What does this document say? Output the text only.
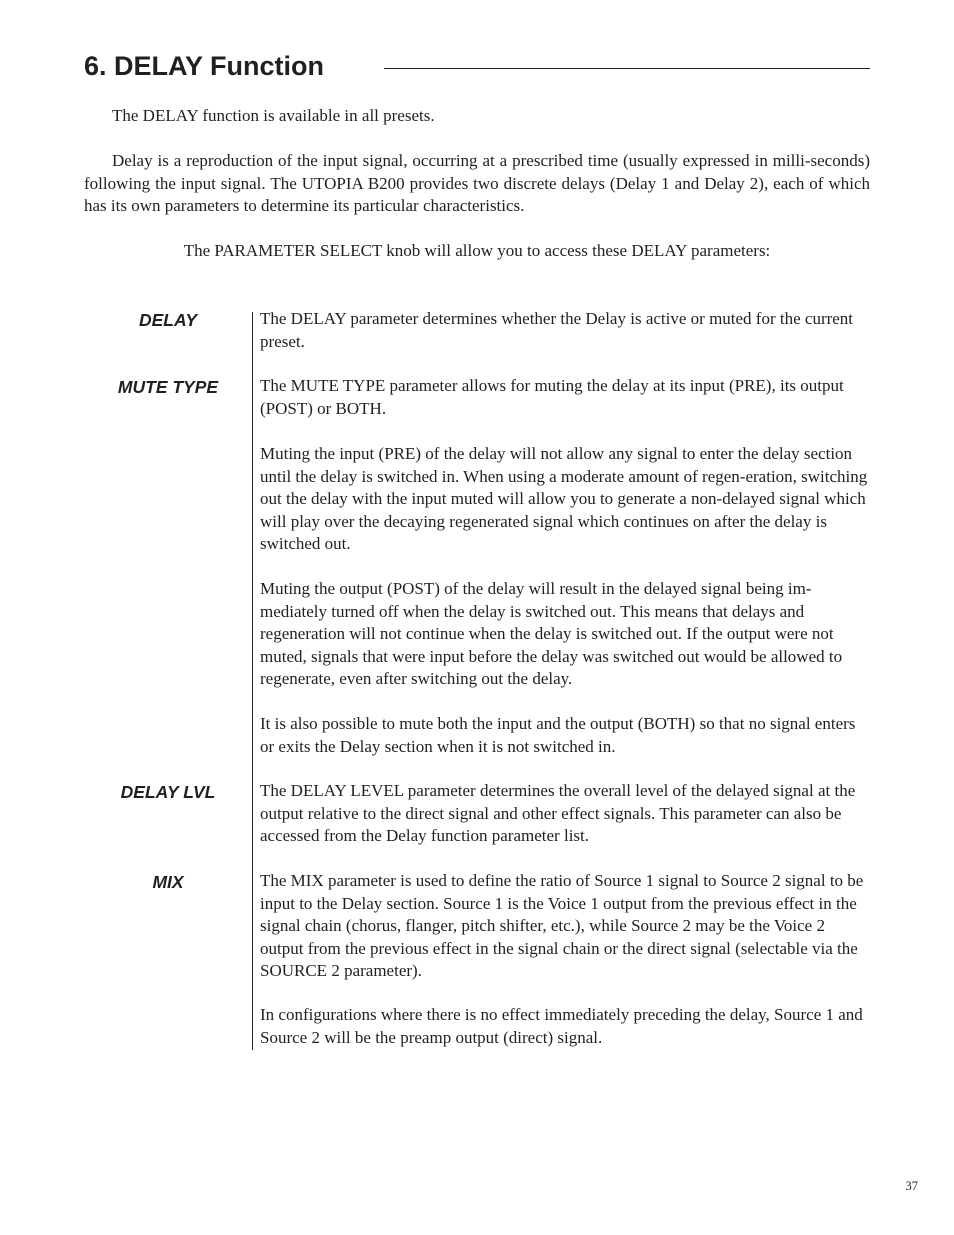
6. DELAY Function

The DELAY function is available in all presets.

Delay is a reproduction of the input signal, occurring at a prescribed time (usually expressed in milli-seconds) following the input signal. The UTOPIA B200 provides two discrete delays (Delay 1 and Delay 2), each of which has its own parameters to determine its particular characteristics.

The PARAMETER SELECT knob will allow you to access these DELAY parameters:

DELAY	The DELAY parameter determines whether the Delay is active or muted for the current preset.

MUTE TYPE	The MUTE TYPE parameter allows for muting the delay at its input (PRE), its output (POST) or BOTH.

Muting the input (PRE) of the delay will not allow any signal to enter the delay section until the delay is switched in. When using a moderate amount of regen-eration, switching out the delay with the input muted will allow you to generate a non-delayed signal which will play over the decaying regenerated signal which continues on after the delay is switched out.

Muting the output (POST) of the delay will result in the delayed signal being im-mediately turned off when the delay is switched out. This means that delays and regeneration will not continue when the delay is switched out. If the output were not muted, signals that were input before the delay was switched out would be allowed to regenerate, even after switching out the delay.

It is also possible to mute both the input and the output (BOTH) so that no signal enters or exits the Delay section when it is not switched in.

DELAY LVL	The DELAY LEVEL parameter determines the overall level of the delayed signal at the output relative to the direct signal and other effect signals. This parameter can also be accessed from the Delay function parameter list.

MIX	The MIX parameter is used to define the ratio of Source 1 signal to Source 2 signal to be input to the Delay section. Source 1 is the Voice 1 output from the previous effect in the signal chain (chorus, flanger, pitch shifter, etc.), while Source 2 may be the Voice 2 output from the previous effect in the signal chain or the direct signal (selectable via the SOURCE 2 parameter).

In configurations where there is no effect immediately preceding the delay, Source 1 and Source 2 will be the preamp output (direct) signal.

37
